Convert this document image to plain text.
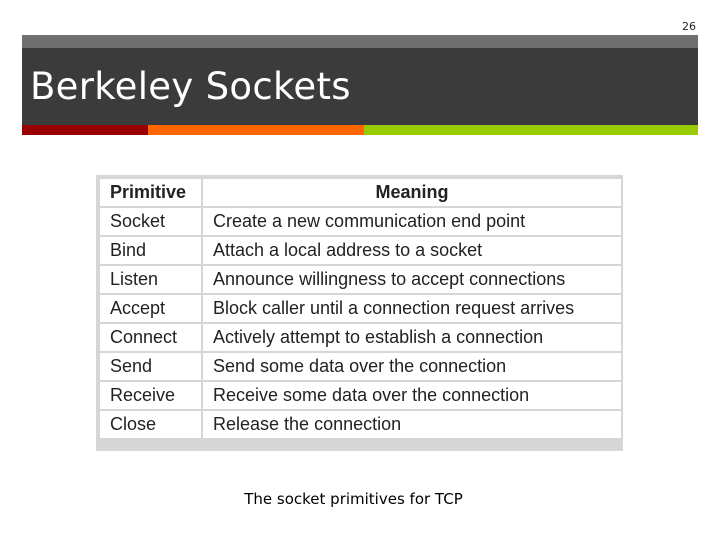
26
Berkeley Sockets
Primitive	Meaning
Socket	Create a new communication end point
Bind	Attach a local address to a socket
Listen	Announce willingness to accept connections
Accept	Block caller until a connection request arrives
Connect	Actively attempt to establish a connection
Send	Send some data over the connection
Receive	Receive some data over the connection
Close	Release the connection
The socket primitives for TCP
